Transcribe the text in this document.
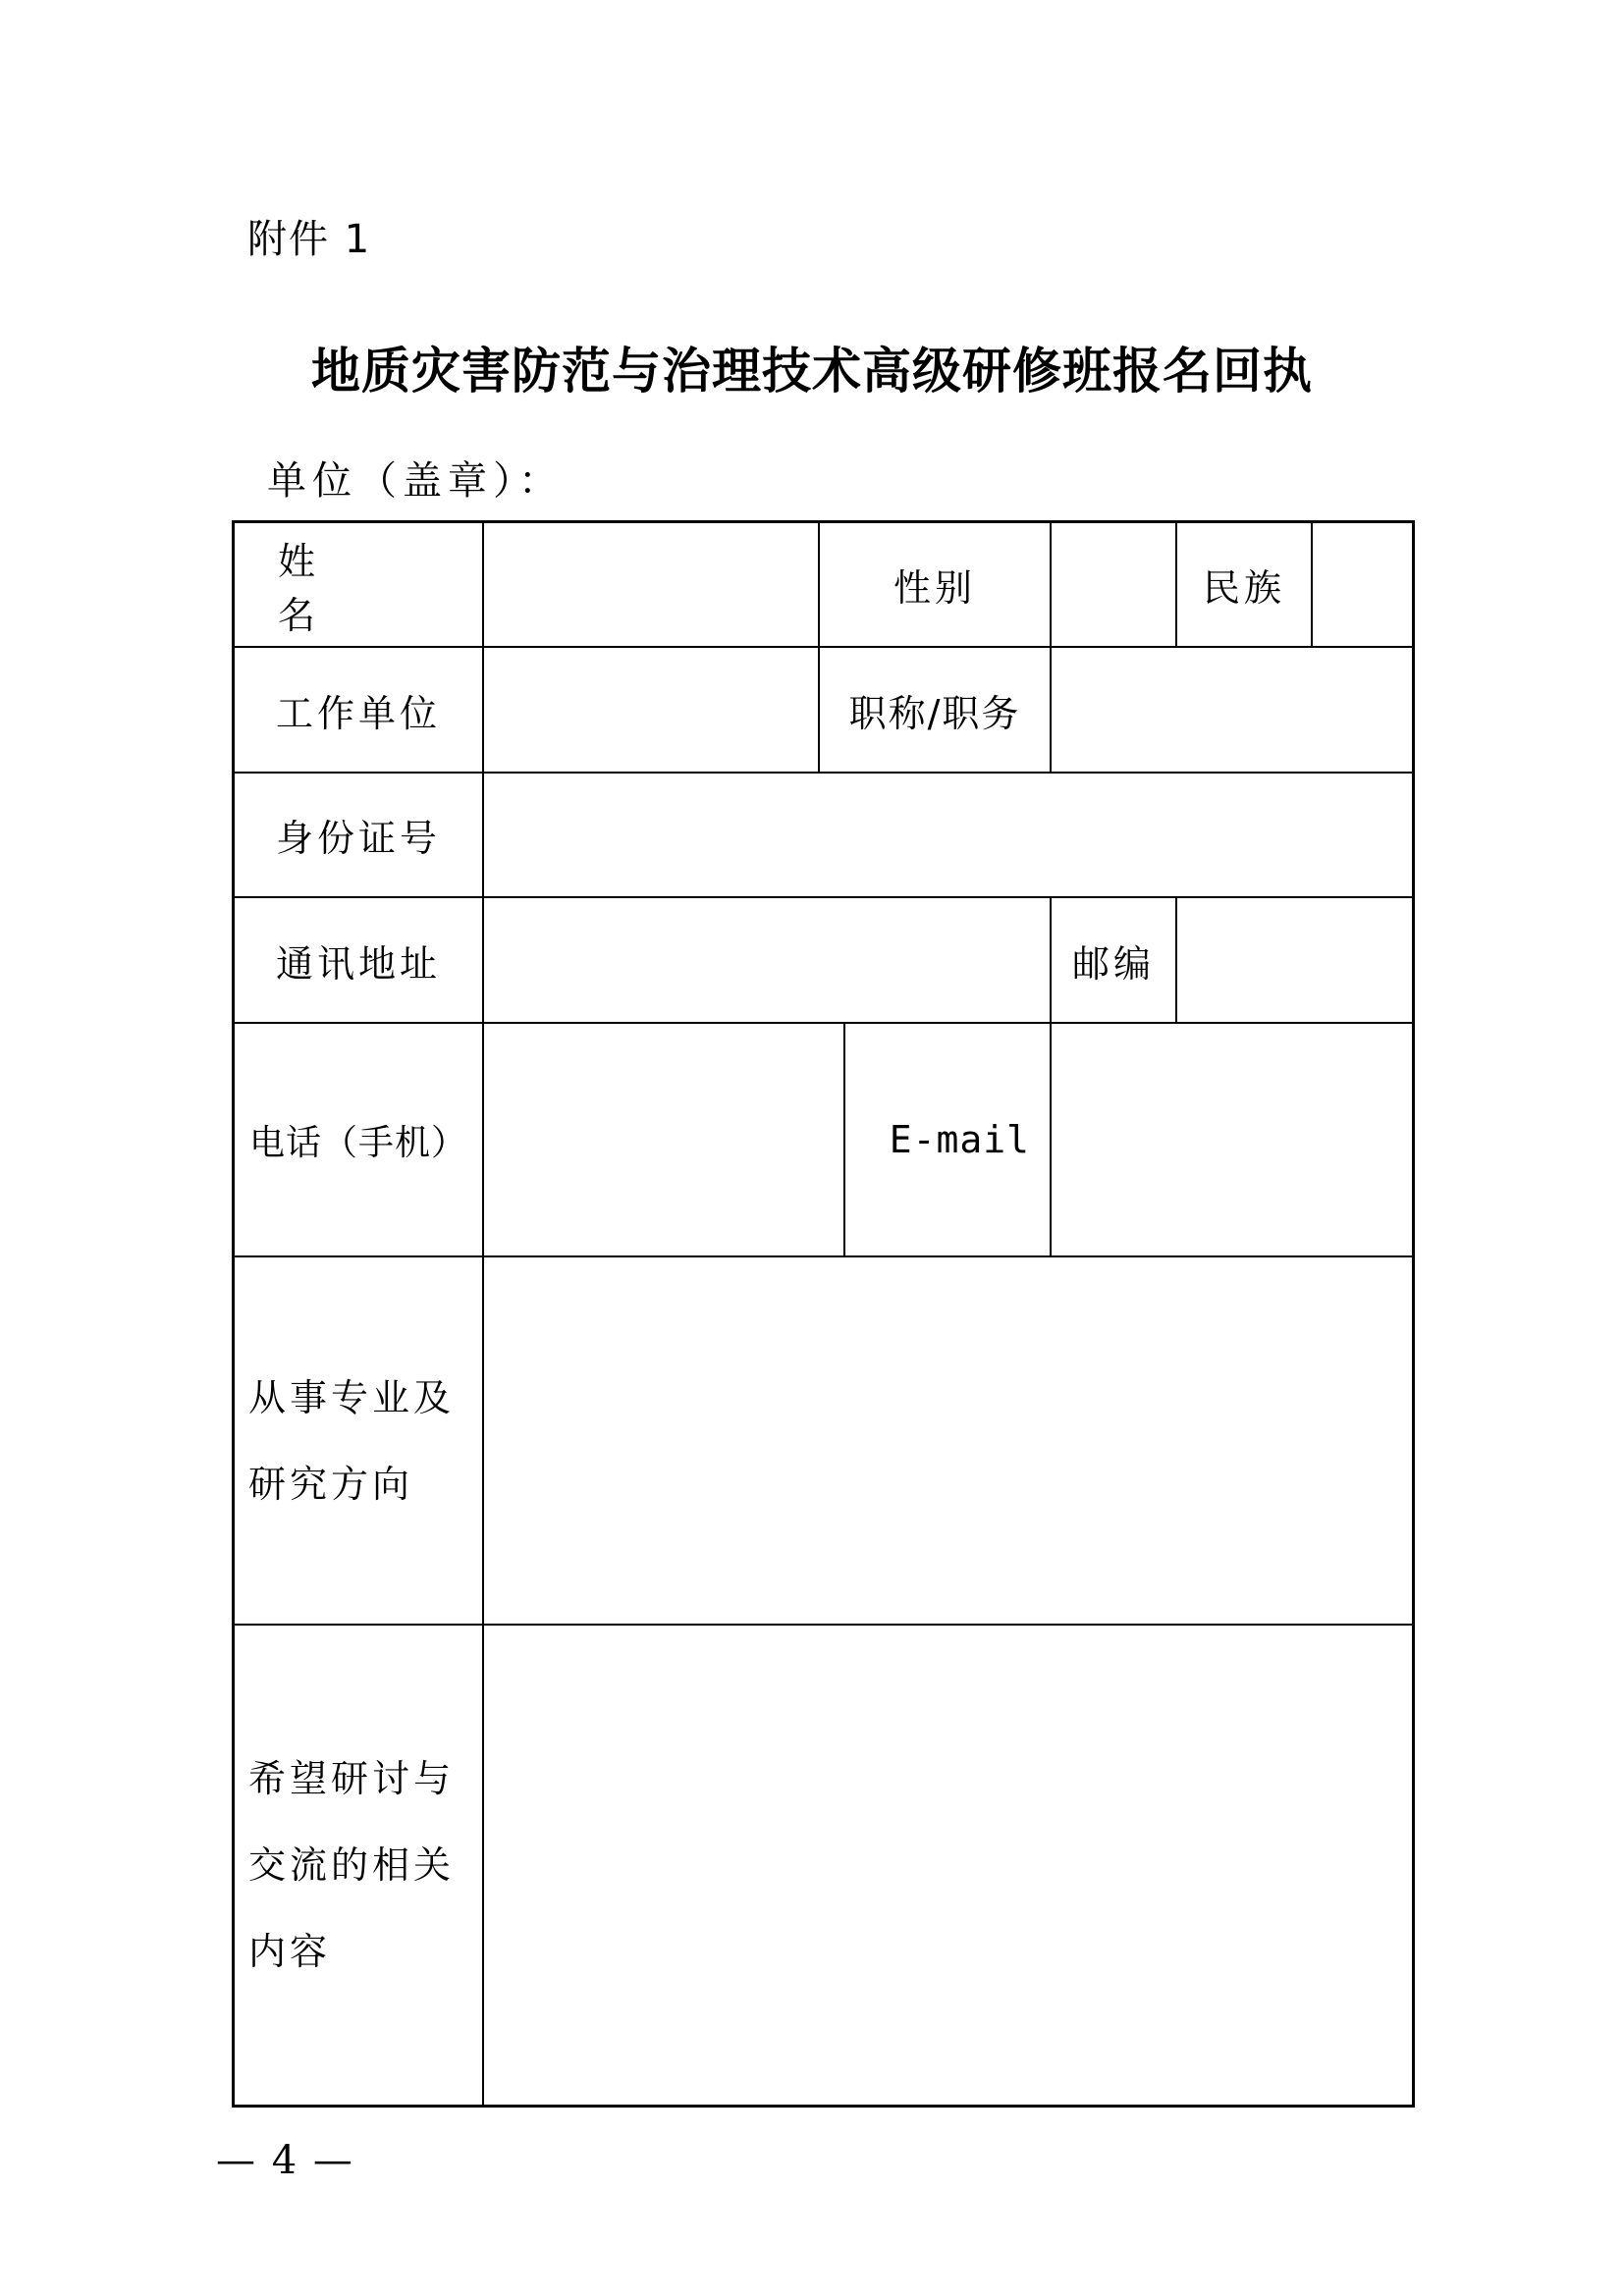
附件 1
地质灾害防范与治理技术高级研修班报名回执
单位（盖章）：
姓 名
性别	民族
工作单位	职称/职务
身份证号
通讯地址	邮编
电话（手机）	E-mail
从事专业及
研究方向
希望研讨与
交流的相关
内容
— 4 —
